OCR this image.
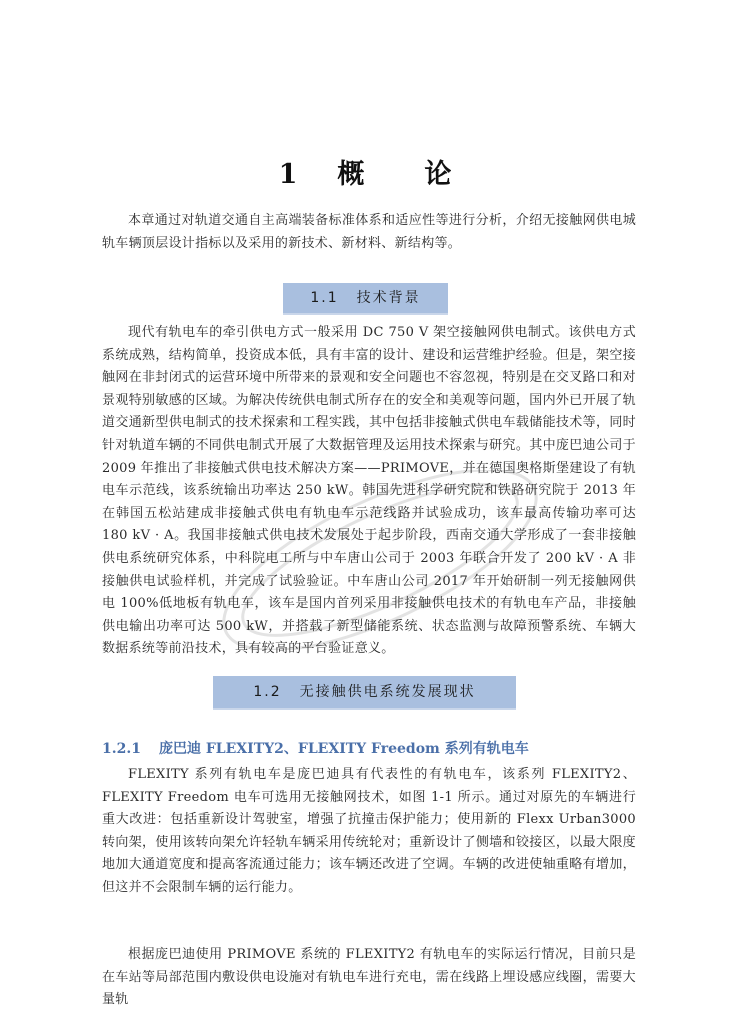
1 概 论

本章通过对轨道交通自主高端装备标准体系和适应性等进行分析，介绍无接触网供电城轨车辆顶层设计指标以及采用的新技术、新材料、新结构等。

1.1 技术背景

现代有轨电车的牵引供电方式一般采用 DC 750 V 架空接触网供电制式。该供电方式系统成熟，结构简单，投资成本低，具有丰富的设计、建设和运营维护经验。但是，架空接触网在非封闭式的运营环境中所带来的景观和安全问题也不容忽视，特别是在交叉路口和对景观特别敏感的区域。为解决传统供电制式所存在的安全和美观等问题，国内外已开展了轨道交通新型供电制式的技术探索和工程实践，其中包括非接触式供电车载储能技术等，同时针对轨道车辆的不同供电制式开展了大数据管理及运用技术探索与研究。其中庞巴迪公司于 2009 年推出了非接触式供电技术解决方案——PRIMOVE，并在德国奥格斯堡建设了有轨电车示范线，该系统输出功率达 250 kW。韩国先进科学研究院和铁路研究院于 2013 年在韩国五松站建成非接触式供电有轨电车示范线路并试验成功，该车最高传输功率可达 180 kV · A。我国非接触式供电技术发展处于起步阶段，西南交通大学形成了一套非接触供电系统研究体系，中科院电工所与中车唐山公司于 2003 年联合开发了 200 kV · A 非接触供电试验样机，并完成了试验验证。中车唐山公司 2017 年开始研制一列无接触网供电 100%低地板有轨电车，该车是国内首列采用非接触供电技术的有轨电车产品，非接触供电输出功率可达 500 kW，并搭载了新型储能系统、状态监测与故障预警系统、车辆大数据系统等前沿技术，具有较高的平台验证意义。

1.2 无接触供电系统发展现状
1.2.1 庞巴迪 FLEXITY2、FLEXITY Freedom 系列有轨电车

FLEXITY 系列有轨电车是庞巴迪具有代表性的有轨电车，该系列 FLEXITY2、FLEXITY Freedom 电车可选用无接触网技术，如图 1-1 所示。通过对原先的车辆进行重大改进：包括重新设计驾驶室，增强了抗撞击保护能力；使用新的 Flexx Urban3000 转向架，使用该转向架允许轻轨车辆采用传统轮对；重新设计了侧墙和铰接区，以最大限度地加大通道宽度和提高客流通过能力；该车辆还改进了空调。车辆的改进使轴重略有增加，但这并不会限制车辆的运行能力。

根据庞巴迪使用 PRIMOVE 系统的 FLEXITY2 有轨电车的实际运行情况，目前只是在车站等局部范围内敷设供电设施对有轨电车进行充电，需在线路上埋设感应线圈，需要大量轨
